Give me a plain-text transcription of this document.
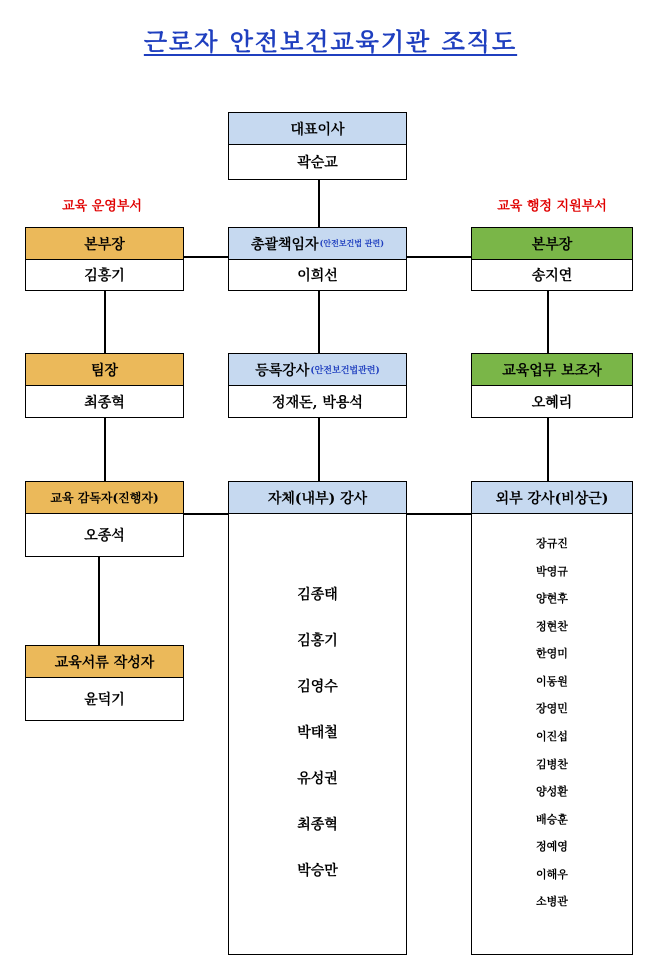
근로자 안전보건교육기관 조직도
교육 운영부서	교육 행정 지원부서
대표이사
곽순교
총괄책임자 (안전보건법 관련)
이희선
본부장
김홍기
본부장
송지연
팀장
최종혁
등록강사 (안전보건법관련)
정재돈, 박용석
교육업무 보조자
오혜리
교육 감독자(진행자)
오종석
교육서류 작성자
윤덕기
자체(내부) 강사
김종태
김홍기
김영수
박태철
유성권
최종혁
박승만
외부 강사(비상근)
장규진
박영규
양현후
정현찬
한영미
이동원
장영민
이진섭
김병찬
양성환
배승훈
정예영
이해우
소병관
